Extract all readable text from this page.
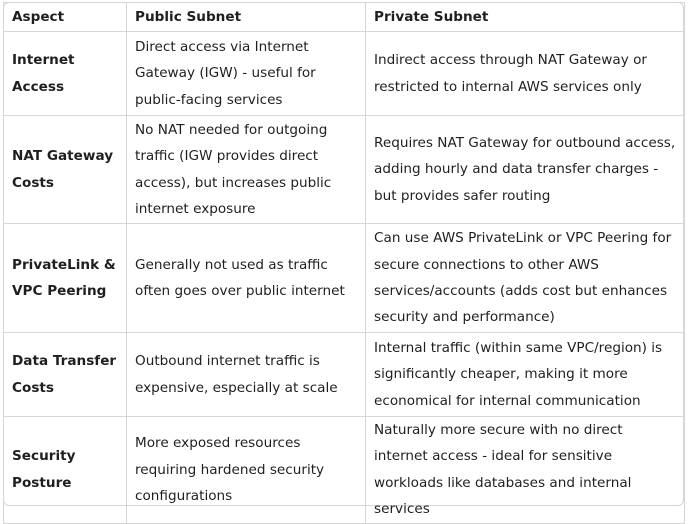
Aspect	Public Subnet	Private Subnet
Internet Access	Direct access via Internet Gateway (IGW) - useful for public-facing services	Indirect access through NAT Gateway or restricted to internal AWS services only
NAT Gateway Costs	No NAT needed for outgoing traffic (IGW provides direct access), but increases public internet exposure	Requires NAT Gateway for outbound access, adding hourly and data transfer charges - but provides safer routing
PrivateLink & VPC Peering	Generally not used as traffic often goes over public internet	Can use AWS PrivateLink or VPC Peering for secure connections to other AWS services/accounts (adds cost but enhances security and performance)
Data Transfer Costs	Outbound internet traffic is expensive, especially at scale	Internal traffic (within same VPC/region) is significantly cheaper, making it more economical for internal communication
Security Posture	More exposed resources requiring hardened security configurations	Naturally more secure with no direct internet access - ideal for sensitive workloads like databases and internal services
